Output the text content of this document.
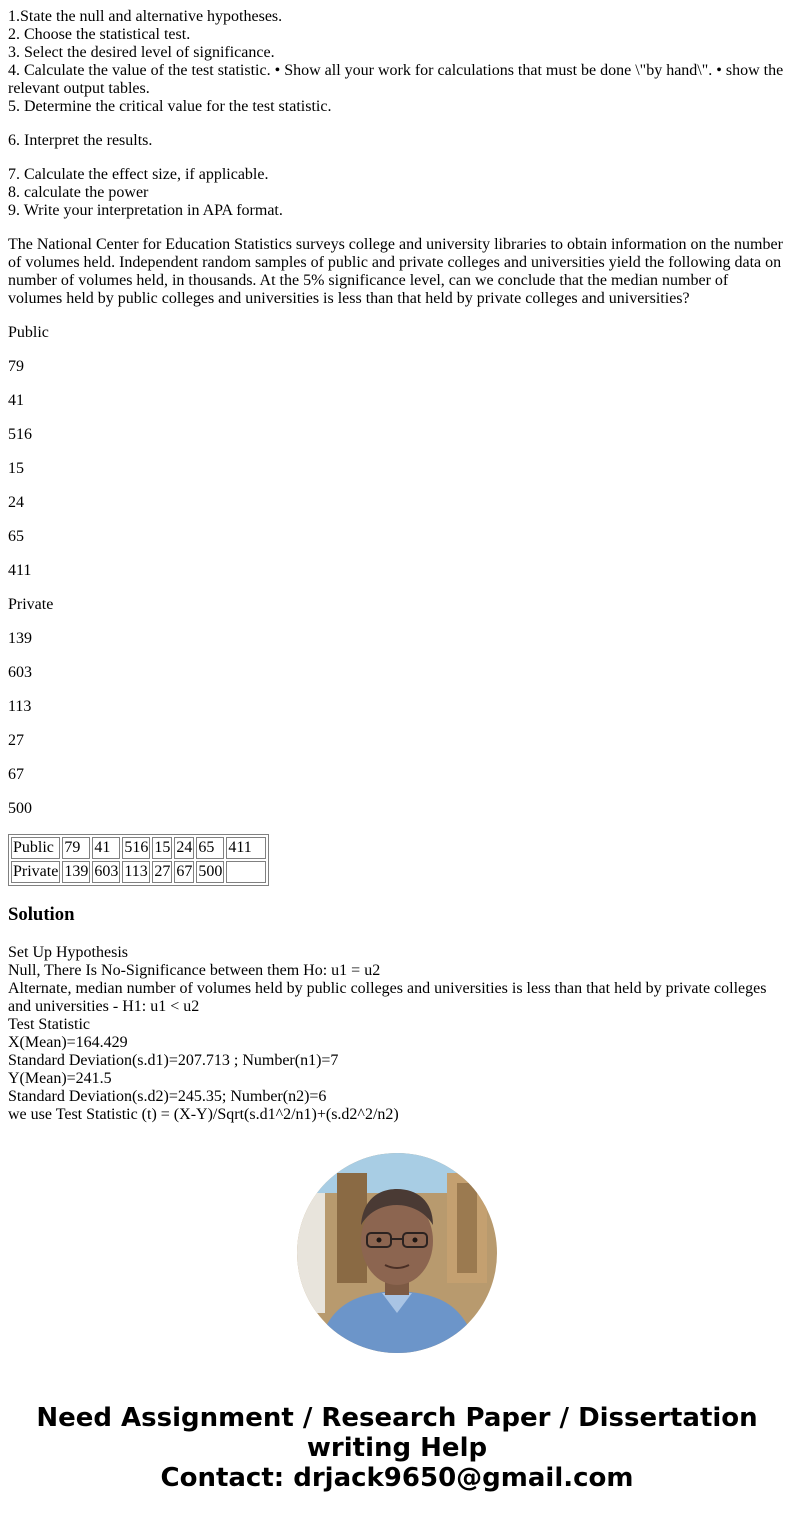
1.State the null and alternative hypotheses.
2. Choose the statistical test.
3. Select the desired level of significance.
4. Calculate the value of the test statistic. • Show all your work for calculations that must be done \"by hand\". • show the relevant output tables.
5. Determine the critical value for the test statistic.
6. Interpret the results.
7. Calculate the effect size, if applicable.
8. calculate the power
9. Write your interpretation in APA format.
The National Center for Education Statistics surveys college and university libraries to obtain information on the number of volumes held. Independent random samples of public and private colleges and universities yield the following data on number of volumes held, in thousands. At the 5% significance level, can we conclude that the median number of volumes held by public colleges and universities is less than that held by private colleges and universities?

Public

79

41

516

15

24

65

411

Private

139

603

113

27

67

500

Public	79	41	516	15	24	65	411
Private	139	603	113	27	67	500	
Solution
Set Up Hypothesis
Null, There Is No-Significance between them Ho: u1 = u2
Alternate, median number of volumes held by public colleges and universities is less than that held by private colleges and universities - H1: u1 < u2
Test Statistic
X(Mean)=164.429
Standard Deviation(s.d1)=207.713 ; Number(n1)=7
Y(Mean)=241.5
Standard Deviation(s.d2)=245.35; Number(n2)=6
we use Test Statistic (t) = (X-Y)/Sqrt(s.d1^2/n1)+(s.d2^2/n2)
Need Assignment / Research Paper / Dissertation
writing Help
Contact: drjack9650@gmail.com
